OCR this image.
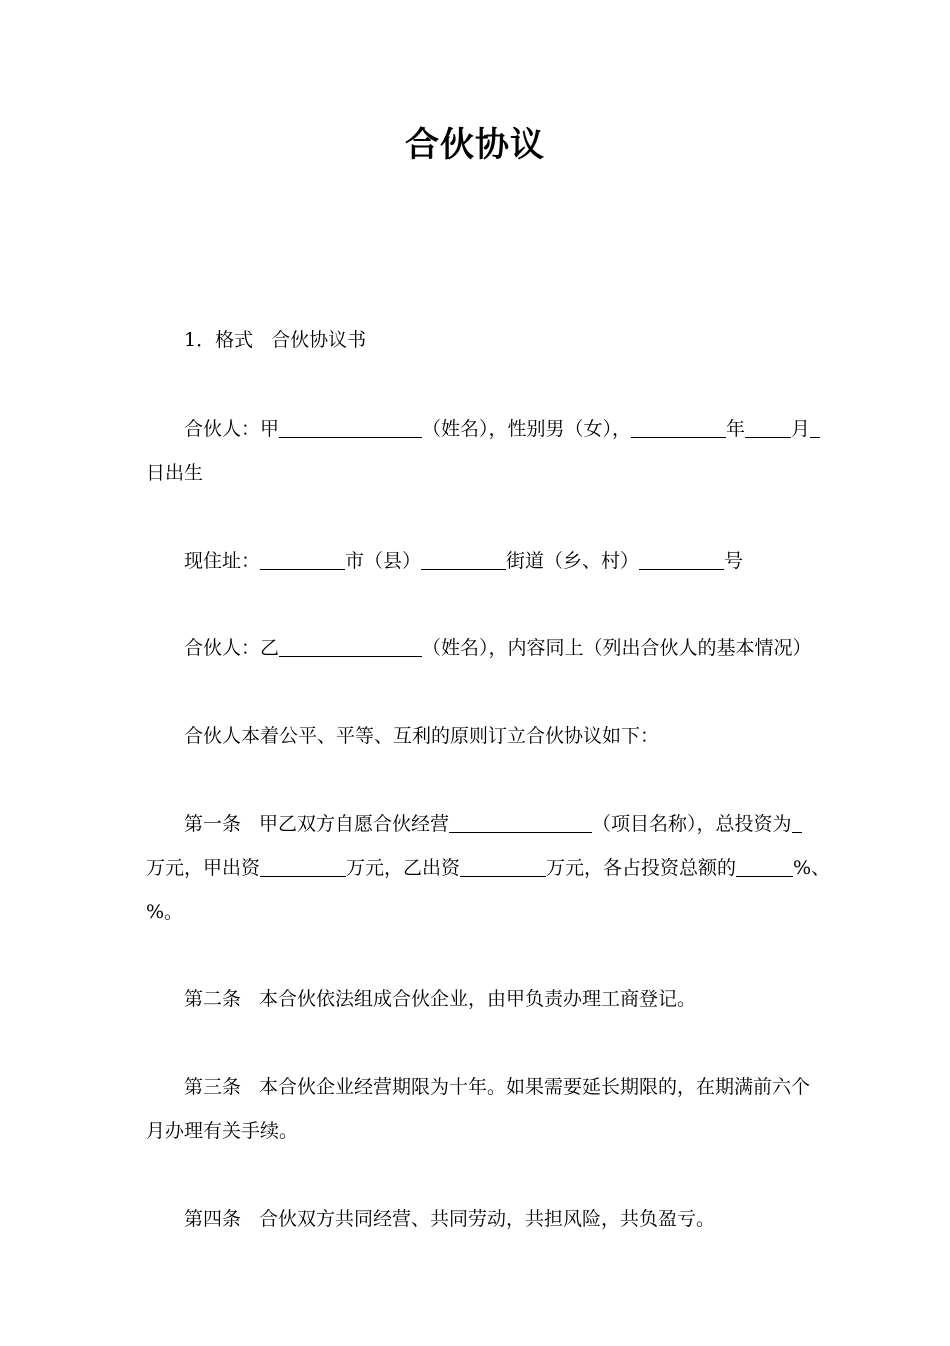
合伙协议
1．格式 合伙协议书
合伙人：甲	（姓名），性别男（女），	年 月
日出生
现住址：	市（县）	街道（乡、村）	号
合伙人：乙	（姓名），内容同上（列出合伙人的基本情况）
合伙人本着公平、平等、互利的原则订立合伙协议如下：
第一条 甲乙双方自愿合伙经营	（项目名称），总投资为
万元，甲出资	万元，乙出资	万元，各占投资总额的	%、
%。
第二条 本合伙依法组成合伙企业，由甲负责办理工商登记。
第三条 本合伙企业经营期限为十年。如果需要延长期限的，在期满前六个
月办理有关手续。
第四条 合伙双方共同经营、共同劳动，共担风险，共负盈亏。
